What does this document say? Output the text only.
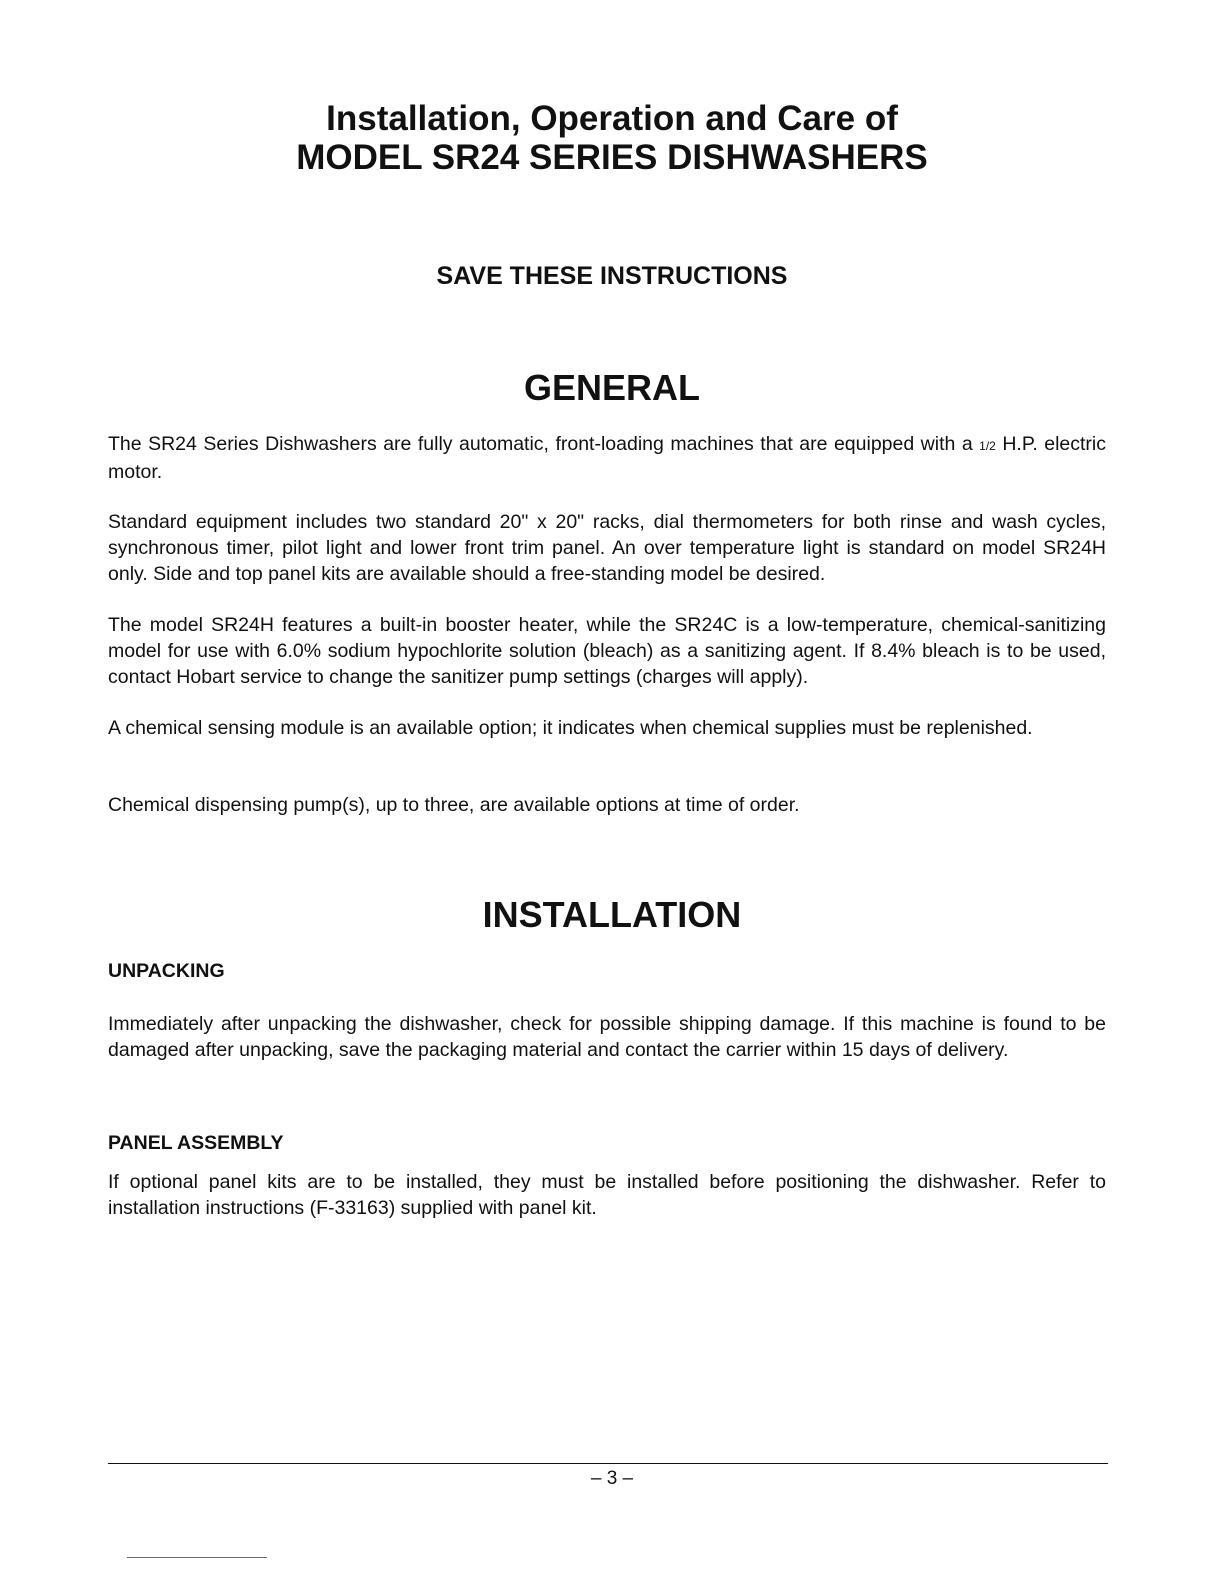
Installation, Operation and Care of
MODEL SR24 SERIES DISHWASHERS
SAVE THESE INSTRUCTIONS
GENERAL

The SR24 Series Dishwashers are fully automatic, front-loading machines that are equipped with a 1/2 H.P. electric motor.

Standard equipment includes two standard 20" x 20" racks, dial thermometers for both rinse and wash cycles, synchronous timer, pilot light and lower front trim panel. An over temperature light is standard on model SR24H only. Side and top panel kits are available should a free-standing model be desired.

The model SR24H features a built-in booster heater, while the SR24C is a low-temperature, chemical-sanitizing model for use with 6.0% sodium hypochlorite solution (bleach) as a sanitizing agent. If 8.4% bleach is to be used, contact Hobart service to change the sanitizer pump settings (charges will apply).

A chemical sensing module is an available option; it indicates when chemical supplies must be replenished.

Chemical dispensing pump(s), up to three, are available options at time of order.

INSTALLATION
UNPACKING

Immediately after unpacking the dishwasher, check for possible shipping damage. If this machine is found to be damaged after unpacking, save the packaging material and contact the carrier within 15 days of delivery.

PANEL ASSEMBLY

If optional panel kits are to be installed, they must be installed before positioning the dishwasher. Refer to installation instructions (F-33163) supplied with panel kit.

– 3 –
